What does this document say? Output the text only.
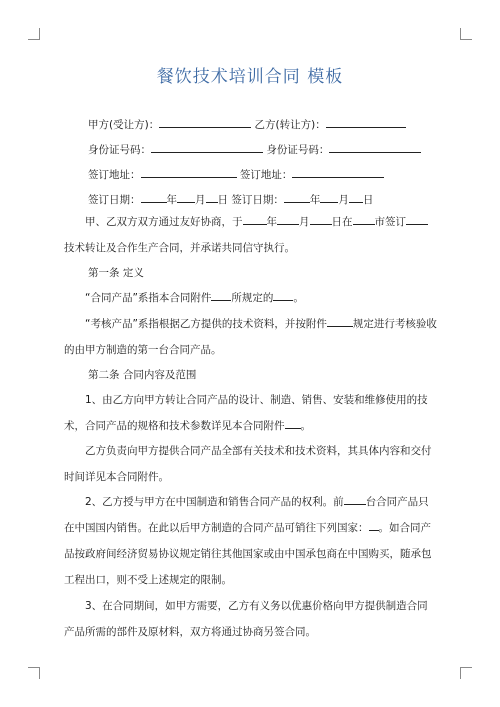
餐饮技术培训合同 模板
甲方(受让方)：	乙方(转让方)：
身份证号码：	身份证号码：
签订地址：	签订地址：
签订日期： 年 月 日 签订日期： 年 月 日
甲、乙双方双方通过友好协商，于 年 月 日在 市签订技术转让及合作生产合同，并承诺共同信守执行。
第一条 定义
“合同产品”系指本合同附件 所规定的 。
“考核产品”系指根据乙方提供的技术资料，并按附件 规定进行考核验收的由甲方制造的第一台合同产品。
第二条 合同内容及范围
1、由乙方向甲方转让合同产品的设计、制造、销售、安装和维修使用的技术，合同产品的规格和技术参数详见本合同附件 。
乙方负责向甲方提供合同产品全部有关技术和技术资料，其具体内容和交付时间详见本合同附件。
2、乙方授与甲方在中国制造和销售合同产品的权利。前 台合同产品只在中国国内销售。在此以后甲方制造的合同产品可销往下列国家： 。如合同产品按政府间经济贸易协议规定销往其他国家或由中国承包商在中国购买，随承包工程出口，则不受上述规定的限制。
3、在合同期间，如甲方需要，乙方有义务以优惠价格向甲方提供制造合同产品所需的部件及原材料，双方将通过协商另签合同。
